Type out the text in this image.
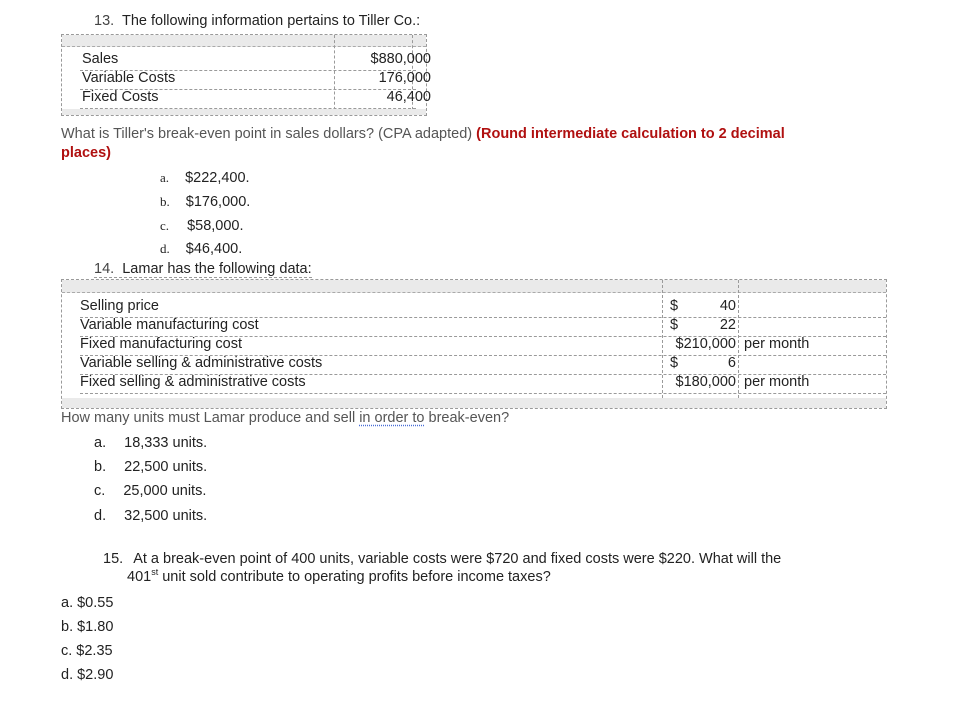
13. The following information pertains to Tiller Co.:
Sales	$880,000
Variable Costs	176,000
Fixed Costs	46,400
What is Tiller's break-even point in sales dollars? (CPA adapted) (Round intermediate calculation to 2 decimal
places)
a. $222,400.
b. $176,000.
c. $58,000.
d. $46,400.
14. Lamar has the following data:
Selling price	$	40
Variable manufacturing cost	$	22
Fixed manufacturing cost	$210,000 per month
Variable selling & administrative costs	$	6
Fixed selling & administrative costs	$180,000 per month
How many units must Lamar produce and sell in order to break-even?
a. 18,333 units.
b. 22,500 units.
c. 25,000 units.
d. 32,500 units.
15. At a break-even point of 400 units, variable costs were $720 and fixed costs were $220. What will the
401st unit sold contribute to operating profits before income taxes?
a. $0.55
b. $1.80
c. $2.35
d. $2.90
